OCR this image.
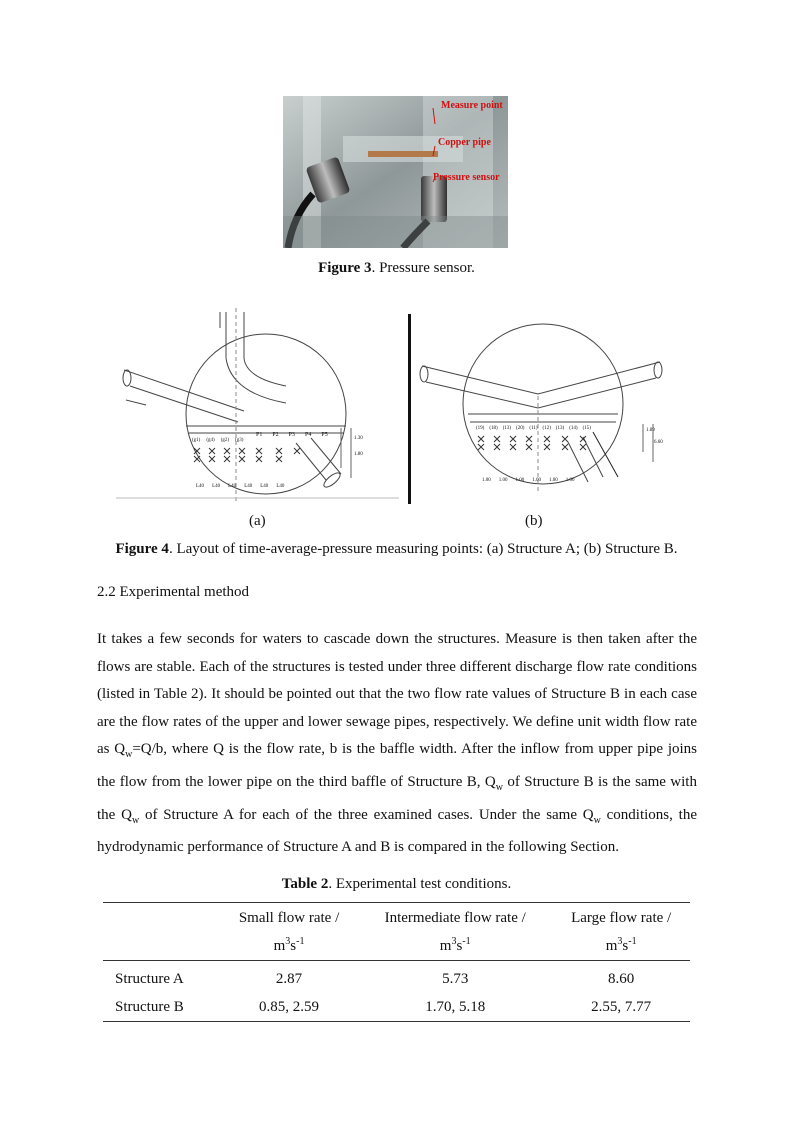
Measure point
Copper pipe
Pressure sensor
Figure 3. Pressure sensor.
P1 P2 P3 P4 P5
(g1) (g4) (g2) (g3)
L40 L40 L40 L40 L40 L40
1.30
1.80
(19) (18) (13) (20) (11) (12) (13) (14) (15)
1.00 1.00 1.00 1.00 1.00 1.00
1.89
6.60
(a)	(b)
Figure 4. Layout of time-average-pressure measuring points: (a) Structure A; (b) Structure B.
2.2 Experimental method
It takes a few seconds for waters to cascade down the structures. Measure is then taken after the flows are stable. Each of the structures is tested under three different discharge flow rate conditions (listed in Table 2). It should be pointed out that the two flow rate values of Structure B in each case are the flow rates of the upper and lower sewage pipes, respectively. We define unit width flow rate as $Q_w=Q/b$, where Q is the flow rate, b is the baffle width. After the inflow from upper pipe joins the flow from the lower pipe on the third baffle of Structure B, $Q_w$ of Structure B is the same with the $Q_w$ of Structure A for each of the three examined cases. Under the same $Q_w$ conditions, the hydrodynamic performance of Structure A and B is compared in the following Section.
Table 2. Experimental test conditions.
	Small flow rate /	Intermediate flow rate /	Large flow rate /
	$m^3s^{-1}$	$m^3s^{-1}$	$m^3s^{-1}$
Structure A	2.87	5.73	8.60
Structure B	0.85, 2.59	1.70, 5.18	2.55, 7.77
